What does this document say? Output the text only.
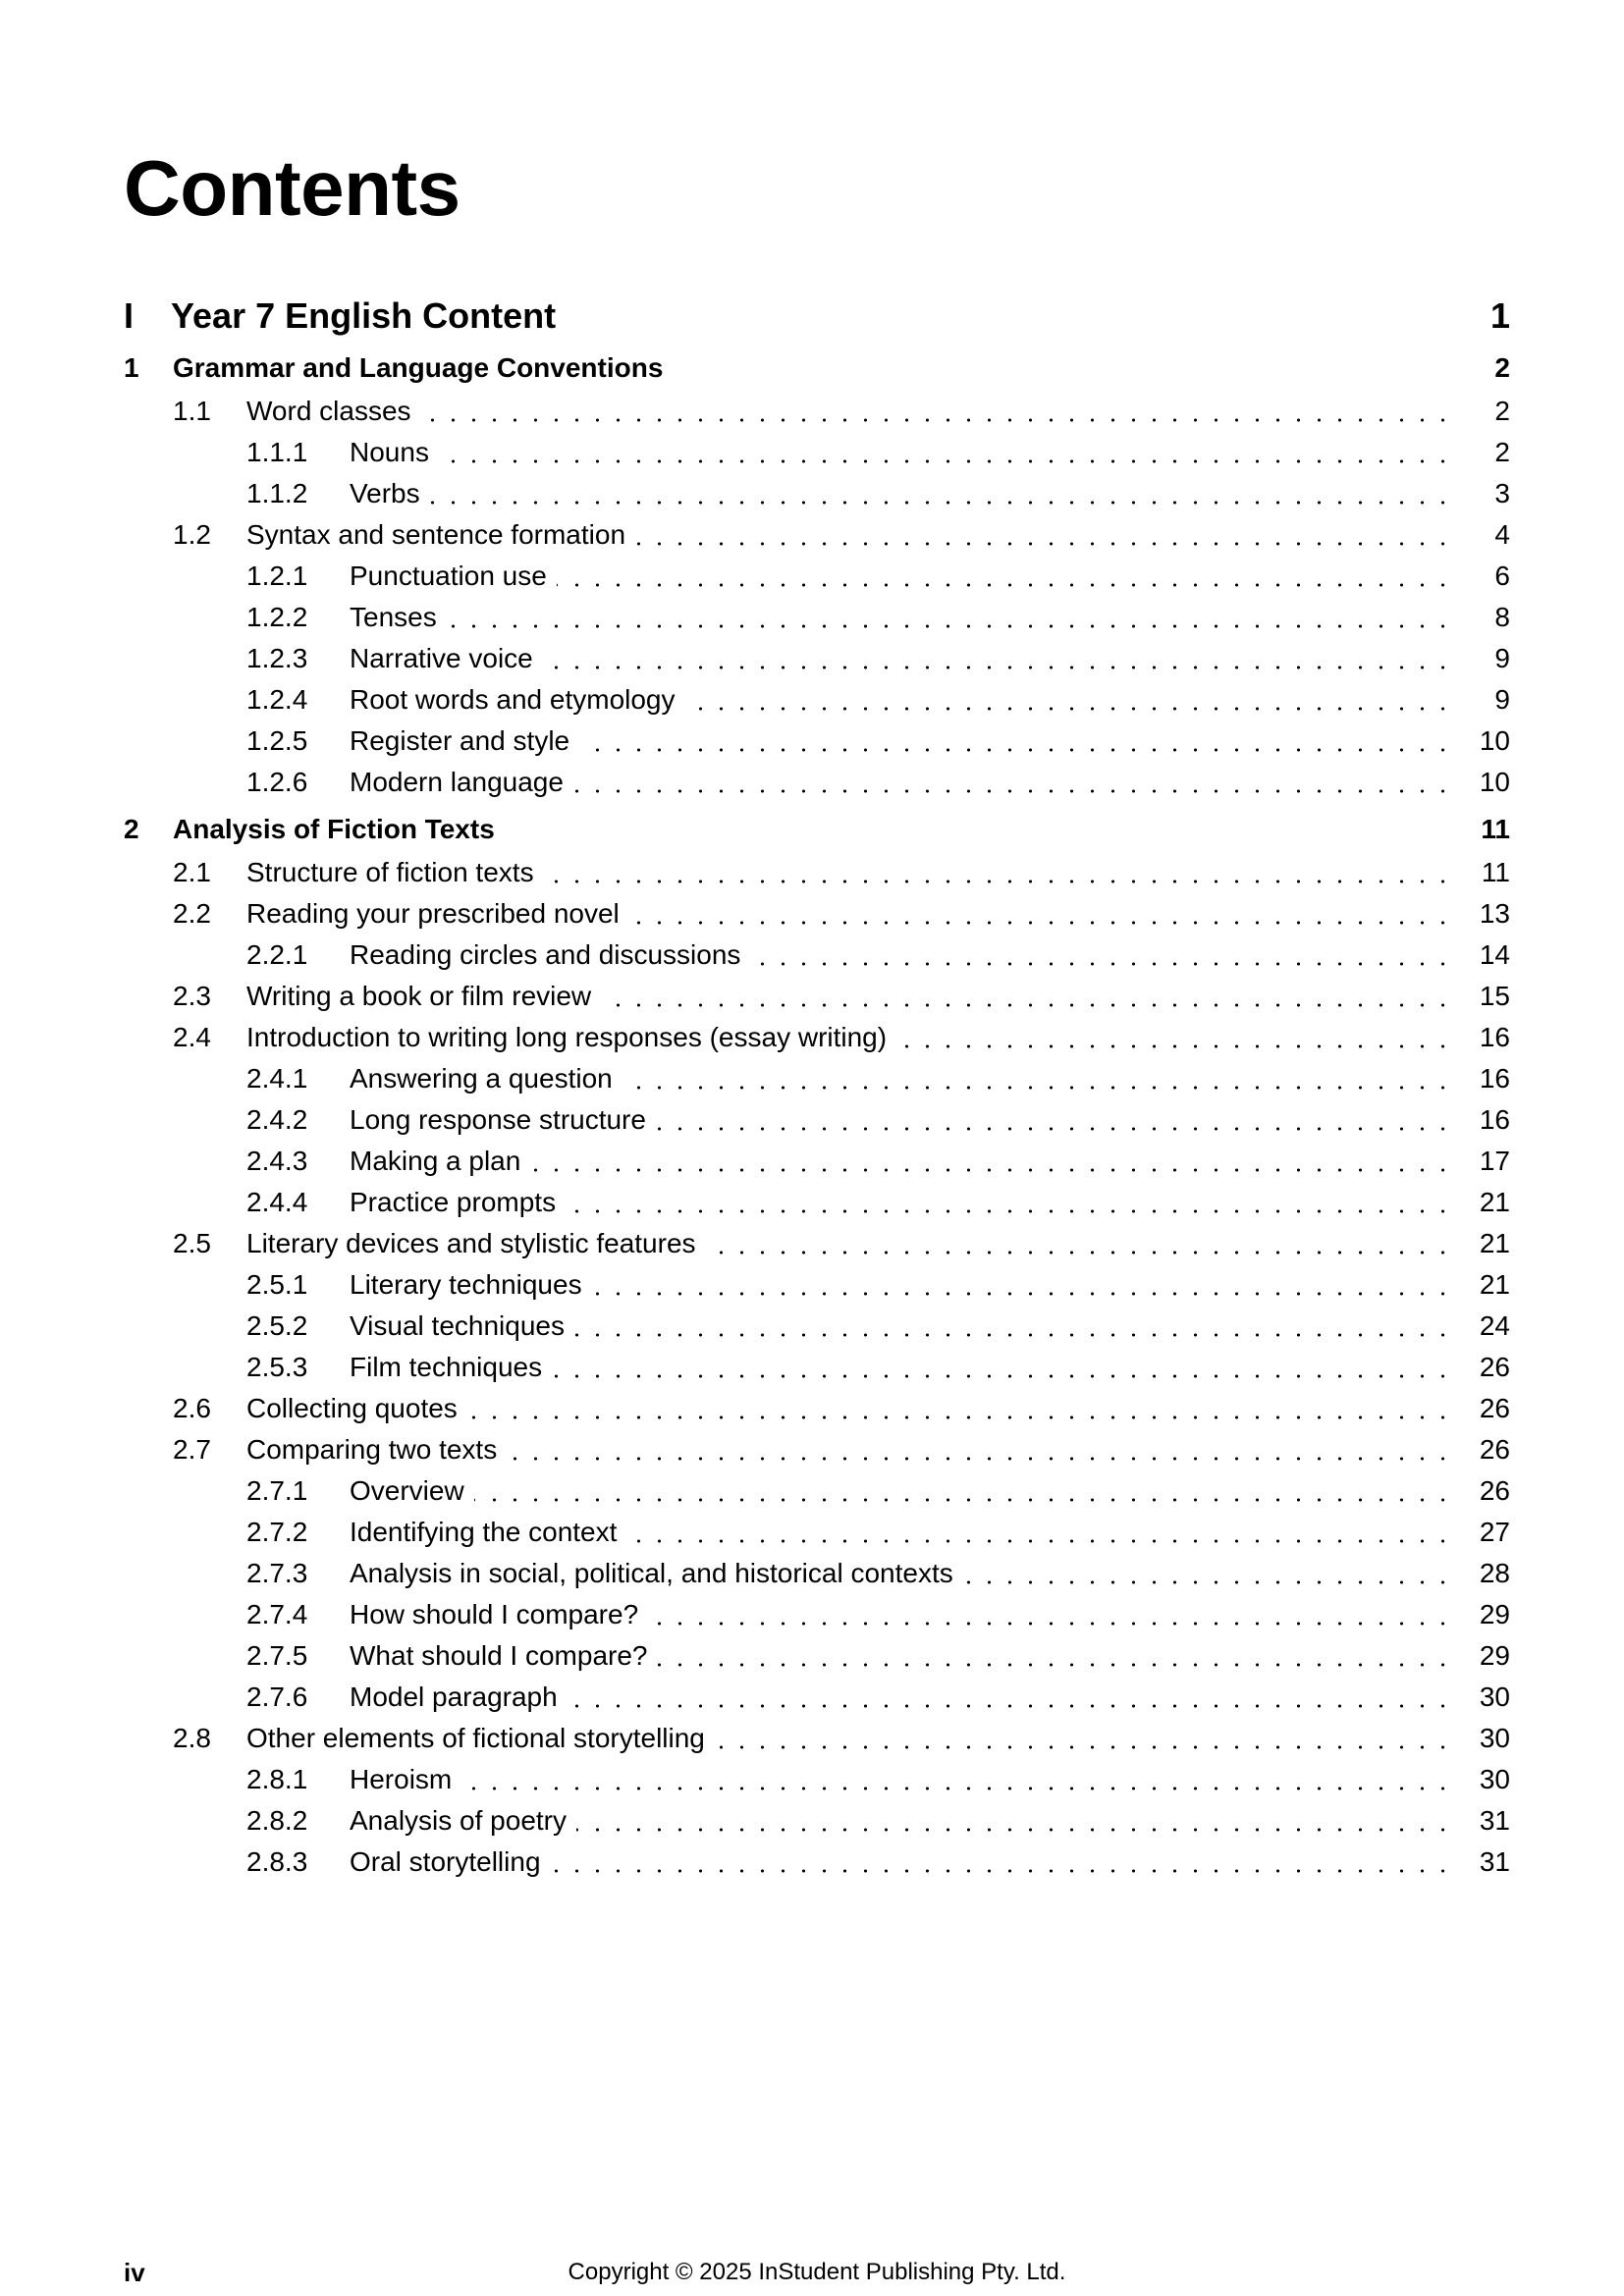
Contents
I Year 7 English Content	1
1 Grammar and Language Conventions	2
1.1 Word classes	2
1.1.1 Nouns	2
1.1.2 Verbs	3
1.2 Syntax and sentence formation	4
1.2.1 Punctuation use	6
1.2.2 Tenses	8
1.2.3 Narrative voice	9
1.2.4 Root words and etymology	9
1.2.5 Register and style	10
1.2.6 Modern language	10
2 Analysis of Fiction Texts	11
2.1 Structure of fiction texts	11
2.2 Reading your prescribed novel	13
2.2.1 Reading circles and discussions	14
2.3 Writing a book or film review	15
2.4 Introduction to writing long responses (essay writing)	16
2.4.1 Answering a question	16
2.4.2 Long response structure	16
2.4.3 Making a plan	17
2.4.4 Practice prompts	21
2.5 Literary devices and stylistic features	21
2.5.1 Literary techniques	21
2.5.2 Visual techniques	24
2.5.3 Film techniques	26
2.6 Collecting quotes	26
2.7 Comparing two texts	26
2.7.1 Overview	26
2.7.2 Identifying the context	27
2.7.3 Analysis in social, political, and historical contexts	28
2.7.4 How should I compare?	29
2.7.5 What should I compare?	29
2.7.6 Model paragraph	30
2.8 Other elements of fictional storytelling	30
2.8.1 Heroism	30
2.8.2 Analysis of poetry	31
2.8.3 Oral storytelling	31
iv	Copyright © 2025 InStudent Publishing Pty. Ltd.
